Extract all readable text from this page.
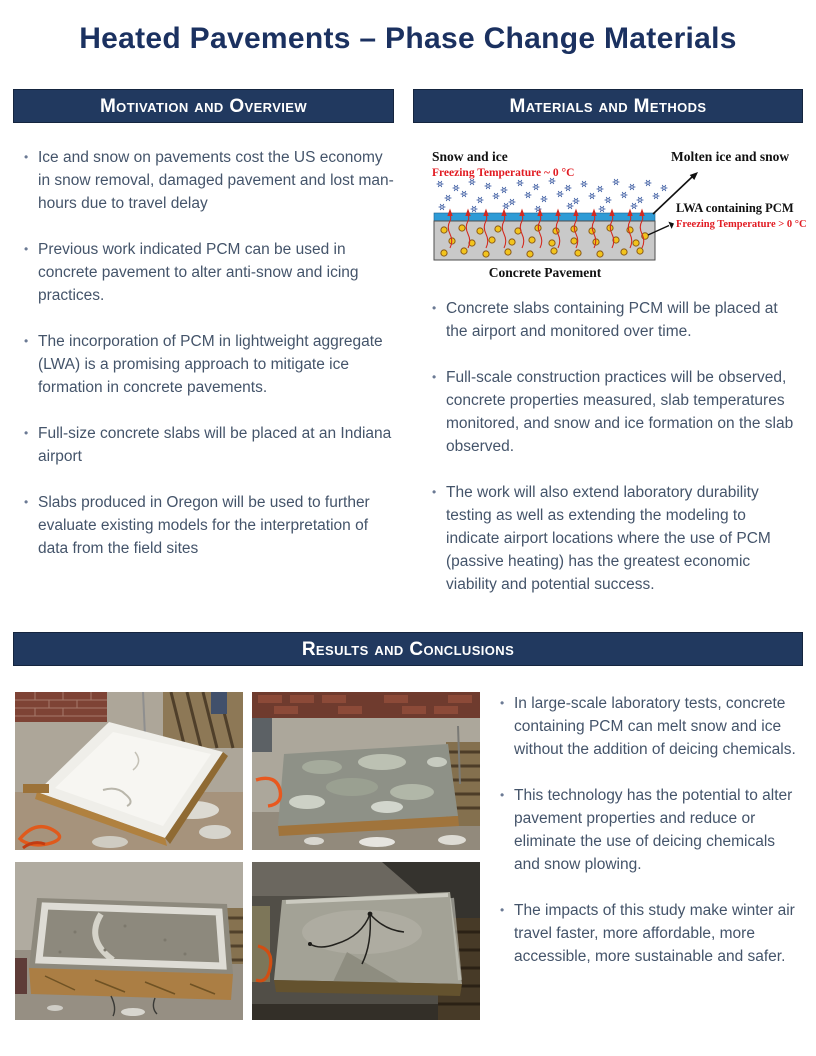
Heated Pavements – Phase Change Materials
Motivation and Overview	Materials and Methods
• Ice and snow on pavements cost the US economy in snow removal, damaged pavement and lost man-hours due to travel delay
• Previous work indicated PCM can be used in concrete pavement to alter anti-snow and icing practices.
• The incorporation of PCM in lightweight aggregate (LWA) is a promising approach to mitigate ice formation in concrete pavements.
• Full-size concrete slabs will be placed at an Indiana airport
• Slabs produced in Oregon will be used to further evaluate existing models for the interpretation of data from the field sites
Snow and ice
Freezing Temperature ~ 0 °C
Molten ice and snow
LWA containing PCM
Freezing Temperature > 0 °C
Concrete Pavement
• Concrete slabs containing PCM will be placed at the airport and monitored over time.
• Full-scale construction practices will be observed, concrete properties measured, slab temperatures monitored, and snow and ice formation on the slab observed.
• The work will also extend laboratory durability testing as well as extending the modeling to indicate airport locations where the use of PCM (passive heating) has the greatest economic viability and potential success.
Results and Conclusions
• In large-scale laboratory tests, concrete containing PCM can melt snow and ice without the addition of deicing chemicals.
• This technology has the potential to alter pavement properties and reduce or eliminate the use of deicing chemicals and snow plowing.
• The impacts of this study make winter air travel faster, more affordable, more accessible, more sustainable and safer.
